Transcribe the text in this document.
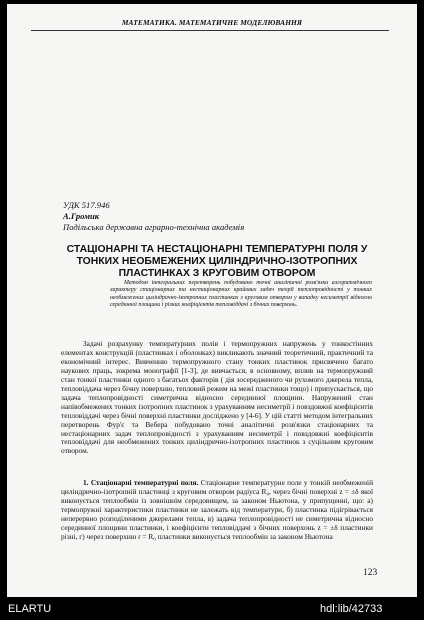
МАТЕМАТИКА. МАТЕМАТИЧНЕ МОДЕЛЮВАННЯ
УДК 517.946
А.Громик
Подільська державна аграрно-технічна академія
СТАЦІОНАРНІ ТА НЕСТАЦІОНАРНІ ТЕМПЕРАТУРНІ ПОЛЯ У ТОНКИХ НЕОБМЕЖЕНИХ ЦИЛІНДРИЧНО-ІЗОТРОПНИХ ПЛАСТИНКАХ З КРУГОВИМ ОТВОРОМ
Методом інтегральних перетворень побудовано точні аналітичні розв'язки алгоритмічного характеру стаціонарних та нестаціонарних крайових задач теорії теплопровідності у тонких необмежених циліндрично-ізотропних пластинках з круговим отвором у випадку несиметрії відносно серединної площини і різних коефіцієнтів тепловіддачі з бічних поверхонь.

Задачі розрахунку температурних полів і термопружних напружень у тонкостінних елементах конструкцій (пластинках і оболонках) викликають значний теоретичний, практичний та економічний інтерес. Вивченню термопружного стану тонких пластинок присвячено багато наукових праць, зокрема монографії [1-3], де вивчається, в основному, вплив на термопружний стан тонкої пластинки одного з багатьох факторів ( дія зосередженого чи рухомого джерела тепла, тепловіддача через бічну поверхню, тепловий режим на межі пластинки тощо) і припускається, що задача теплопровідності симетрична відносно серединної площини. Напружений стан напівобмежених тонких ізотропних пластинок з урахуванням несиметрії і повздовжні коефіцієнтів тепловіддачі через бічні поверхні пластинки досліджено у [4-6]. У цій статті методом інтегральних перетворень Фур'є та Вебера побудовано точні аналітичні розв'язки стаціонарних та нестаціонарних задач теплопровідності з урахуванням несиметрії і повздовжні коефіцієнтів тепловіддачі для необмежених тонких циліндрично-ізотропних пластинок з суцільним круговим отвором.

1. Стаціонарні температурні поля. Стаціонарне температурне поле у тонкій необмеженій циліндрично-ізотропній пластинці з круговим отвором радіуса R₀, через бічні поверхні z = ±δ якої виконується теплообмін із зовнішнім середовищем, за законом Ньютона, у припущенні, що: а) термопружні характеристики пластинки не залежать від температури, б) пластинка підігрівається неперервно розподіленими джерелами тепла, в) задача теплопровідності не симетрична відносно серединної площини пластинки, і коефіцієнти тепловіддачі з бічних поверхонь z = ±δ пластинки різні, г) через поверхню r = R₀ пластинки виконується теплообмін за законом Ньютона

123
ELARTU	hdl:lib/42733
